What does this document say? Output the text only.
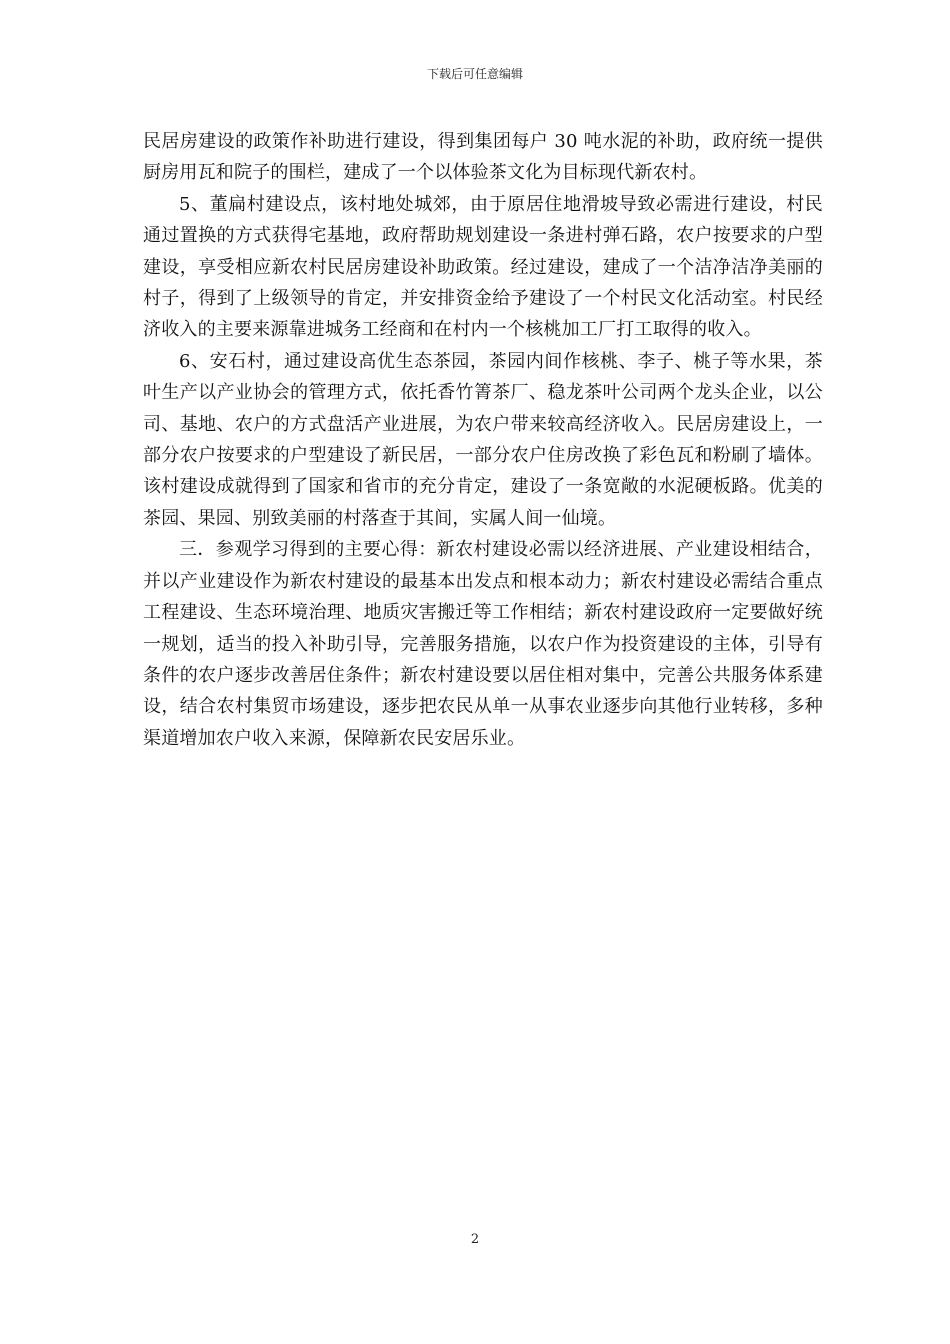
下载后可任意编辑

民居房建设的政策作补助进行建设，得到集团每户 30 吨水泥的补助，政府统一提供厨房用瓦和院子的围栏，建成了一个以体验茶文化为目标现代新农村。

5、董扁村建设点，该村地处城郊，由于原居住地滑坡导致必需进行建设，村民通过置换的方式获得宅基地，政府帮助规划建设一条进村弹石路，农户按要求的户型建设，享受相应新农村民居房建设补助政策。经过建设，建成了一个洁净洁净美丽的村子，得到了上级领导的肯定，并安排资金给予建设了一个村民文化活动室。村民经济收入的主要来源靠进城务工经商和在村内一个核桃加工厂打工取得的收入。

6、安石村，通过建设高优生态茶园，茶园内间作核桃、李子、桃子等水果，茶叶生产以产业协会的管理方式，依托香竹箐茶厂、稳龙茶叶公司两个龙头企业，以公司、基地、农户的方式盘活产业进展，为农户带来较高经济收入。民居房建设上，一部分农户按要求的户型建设了新民居，一部分农户住房改换了彩色瓦和粉刷了墙体。该村建设成就得到了国家和省市的充分肯定，建设了一条宽敞的水泥硬板路。优美的茶园、果园、别致美丽的村落查于其间，实属人间一仙境。

三．参观学习得到的主要心得：新农村建设必需以经济进展、产业建设相结合，并以产业建设作为新农村建设的最基本出发点和根本动力；新农村建设必需结合重点工程建设、生态环境治理、地质灾害搬迁等工作相结；新农村建设政府一定要做好统一规划，适当的投入补助引导，完善服务措施，以农户作为投资建设的主体，引导有条件的农户逐步改善居住条件；新农村建设要以居住相对集中，完善公共服务体系建设，结合农村集贸市场建设，逐步把农民从单一从事农业逐步向其他行业转移，多种渠道增加农户收入来源，保障新农民安居乐业。

2
